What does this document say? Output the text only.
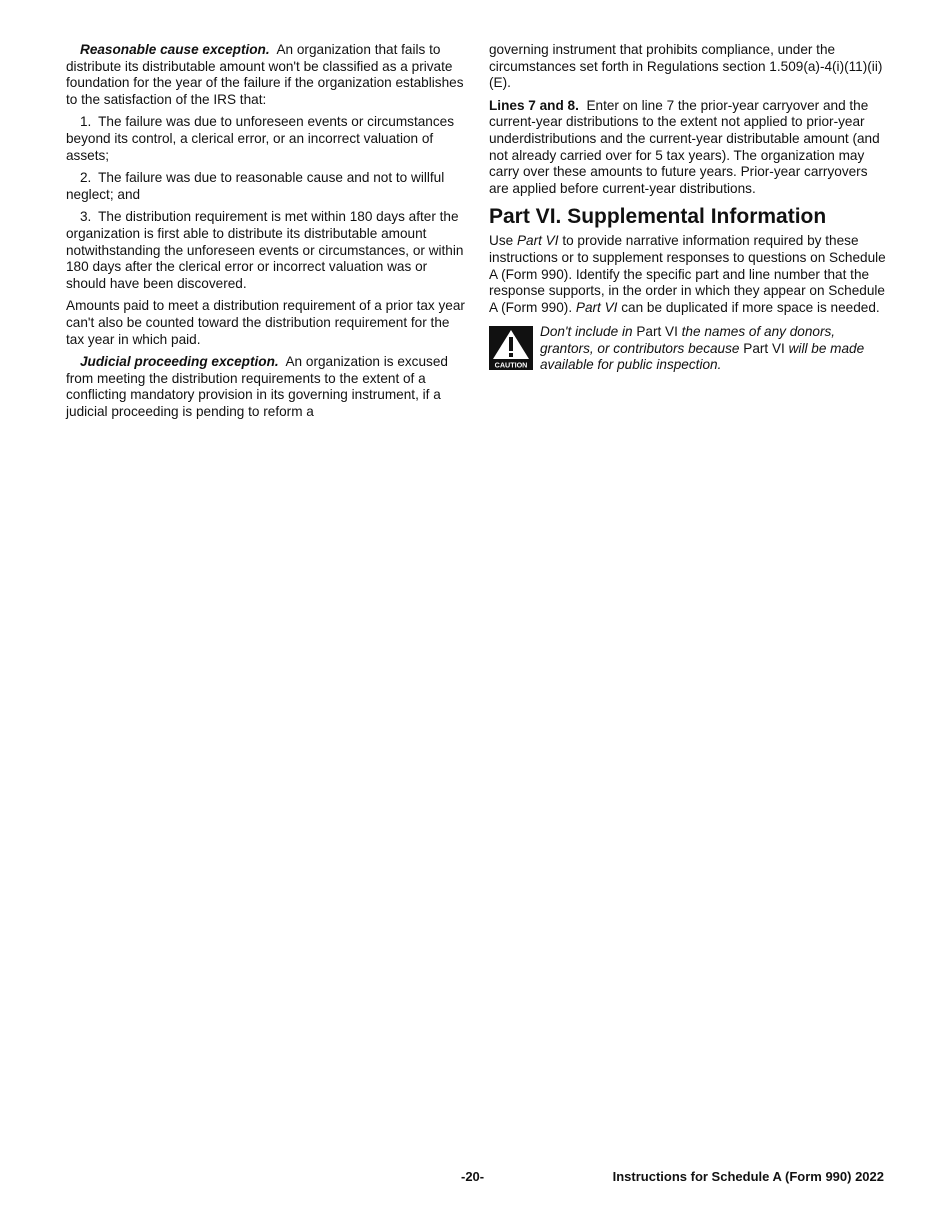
Reasonable cause exception. An organization that fails to distribute its distributable amount won't be classified as a private foundation for the year of the failure if the organization establishes to the satisfaction of the IRS that:

1. The failure was due to unforeseen events or circumstances beyond its control, a clerical error, or an incorrect valuation of assets;

2. The failure was due to reasonable cause and not to willful neglect; and

3. The distribution requirement is met within 180 days after the organization is first able to distribute its distributable amount notwithstanding the unforeseen events or circumstances, or within 180 days after the clerical error or incorrect valuation was or should have been discovered.

Amounts paid to meet a distribution requirement of a prior tax year can't also be counted toward the distribution requirement for the tax year in which paid.

Judicial proceeding exception. An organization is excused from meeting the distribution requirements to the extent of a conflicting mandatory provision in its governing instrument, if a judicial proceeding is pending to reform a

governing instrument that prohibits compliance, under the circumstances set forth in Regulations section 1.509(a)-4(i)(11)(ii)(E).

Lines 7 and 8. Enter on line 7 the prior-year carryover and the current-year distributions to the extent not applied to prior-year underdistributions and the current-year distributable amount (and not already carried over for 5 tax years). The organization may carry over these amounts to future years. Prior-year carryovers are applied before current-year distributions.

Part VI. Supplemental Information

Use Part VI to provide narrative information required by these instructions or to supplement responses to questions on Schedule A (Form 990). Identify the specific part and line number that the response supports, in the order in which they appear on Schedule A (Form 990). Part VI can be duplicated if more space is needed.

CAUTION
Don't include in Part VI the names of any donors, grantors, or contributors because Part VI will be made available for public inspection.
-20-	Instructions for Schedule A (Form 990) 2022
